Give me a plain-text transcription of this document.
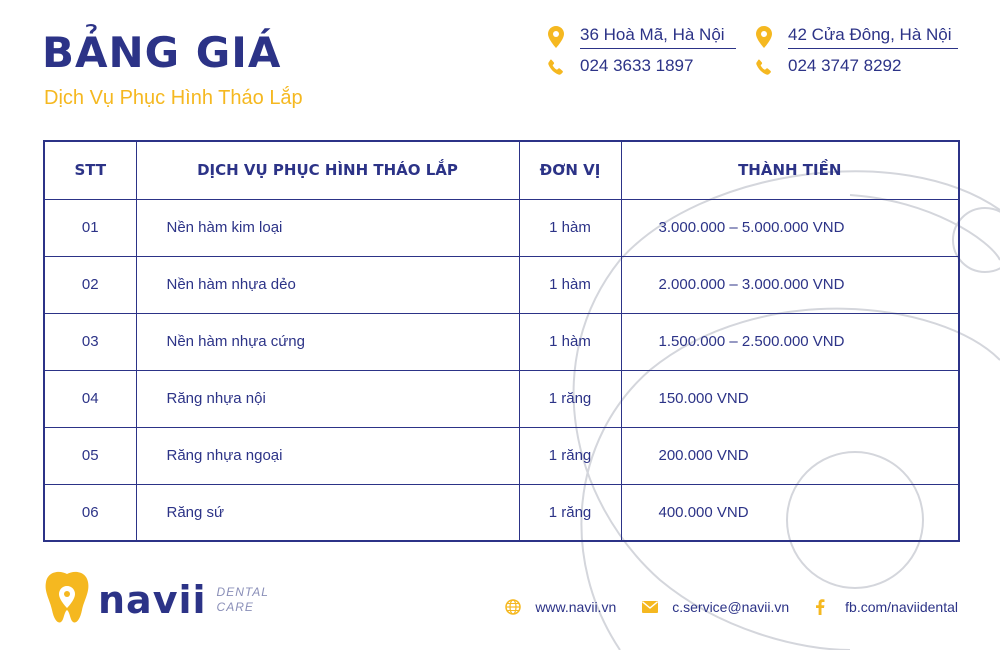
BẢNG GIÁ
Dịch Vụ Phục Hình Tháo Lắp
36 Hoà Mã, Hà Nội
024 3633 1897
42 Cửa Đông, Hà Nội
024 3747 8292
STT	DỊCH VỤ PHỤC HÌNH THÁO LẮP	ĐƠN VỊ	THÀNH TIỀN
01	Nền hàm kim loại	1 hàm	3.000.000 – 5.000.000 VND
02	Nền hàm nhựa dẻo	1 hàm	2.000.000 – 3.000.000 VND
03	Nền hàm nhựa cứng	1 hàm	1.500.000 – 2.500.000 VND
04	Răng nhựa nội	1 răng	150.000 VND
05	Răng nhựa ngoại	1 răng	200.000 VND
06	Răng sứ	1 răng	400.000 VND
navii DENTAL
CARE	www.navii.vn	c.service@navii.vn	fb.com/naviidental
